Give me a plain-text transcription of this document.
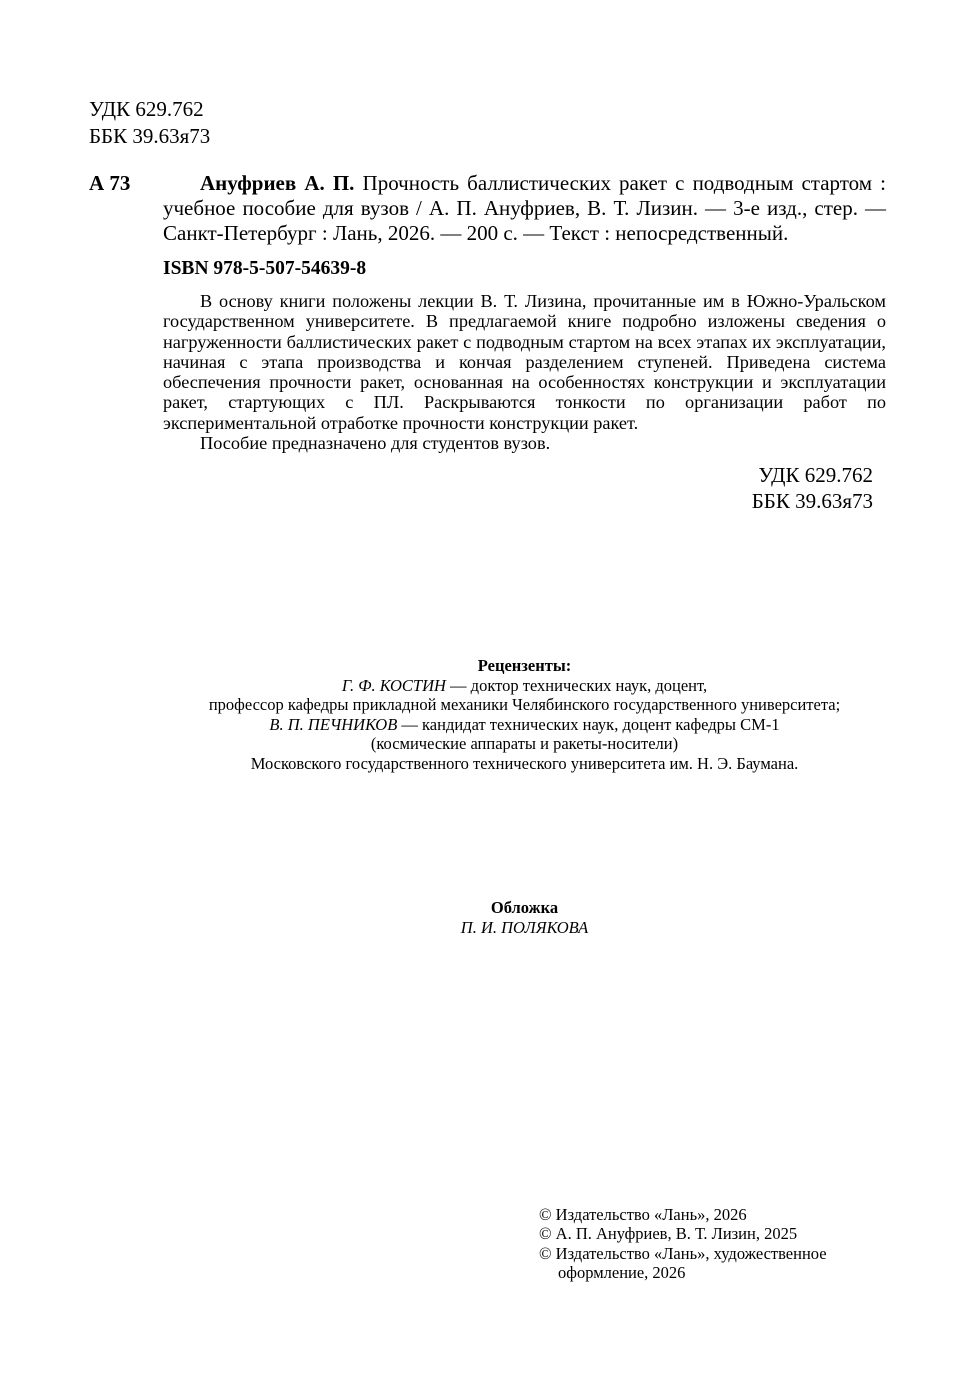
УДК 629.762
ББК 39.63я73
А 73	Ануфриев А. П. Прочность баллистических ракет с подводным стартом : учебное пособие для вузов / А. П. Ануфриев, В. Т. Лизин. — 3-е изд., стер. — Санкт-Петербург : Лань, 2026. — 200 с. — Текст : непосредственный.
ISBN 978-5-507-54639-8

В основу книги положены лекции В. Т. Лизина, прочитанные им в Южно-Уральском государственном университете. В предлагаемой книге подробно изложены сведения о нагруженности баллистических ракет с подводным стартом на всех этапах их эксплуатации, начиная с этапа производства и кончая разделением ступеней. Приведена система обеспечения прочности ракет, основанная на особенностях конструкции и эксплуатации ракет, стартующих с ПЛ. Раскрываются тонкости по организации работ по экспериментальной отработке прочности конструкции ракет.

Пособие предназначено для студентов вузов.

УДК 629.762
ББК 39.63я73
Рецензенты:
Г. Ф. КОСТИН — доктор технических наук, доцент,
профессор кафедры прикладной механики Челябинского государственного университета;
В. П. ПЕЧНИКОВ — кандидат технических наук, доцент кафедры СМ-1
(космические аппараты и ракеты-носители)
Московского государственного технического университета им. Н. Э. Баумана.
Обложка
П. И. ПОЛЯКОВА
© Издательство «Лань», 2026
© А. П. Ануфриев, В. Т. Лизин, 2025
© Издательство «Лань», художественное
оформление, 2026
